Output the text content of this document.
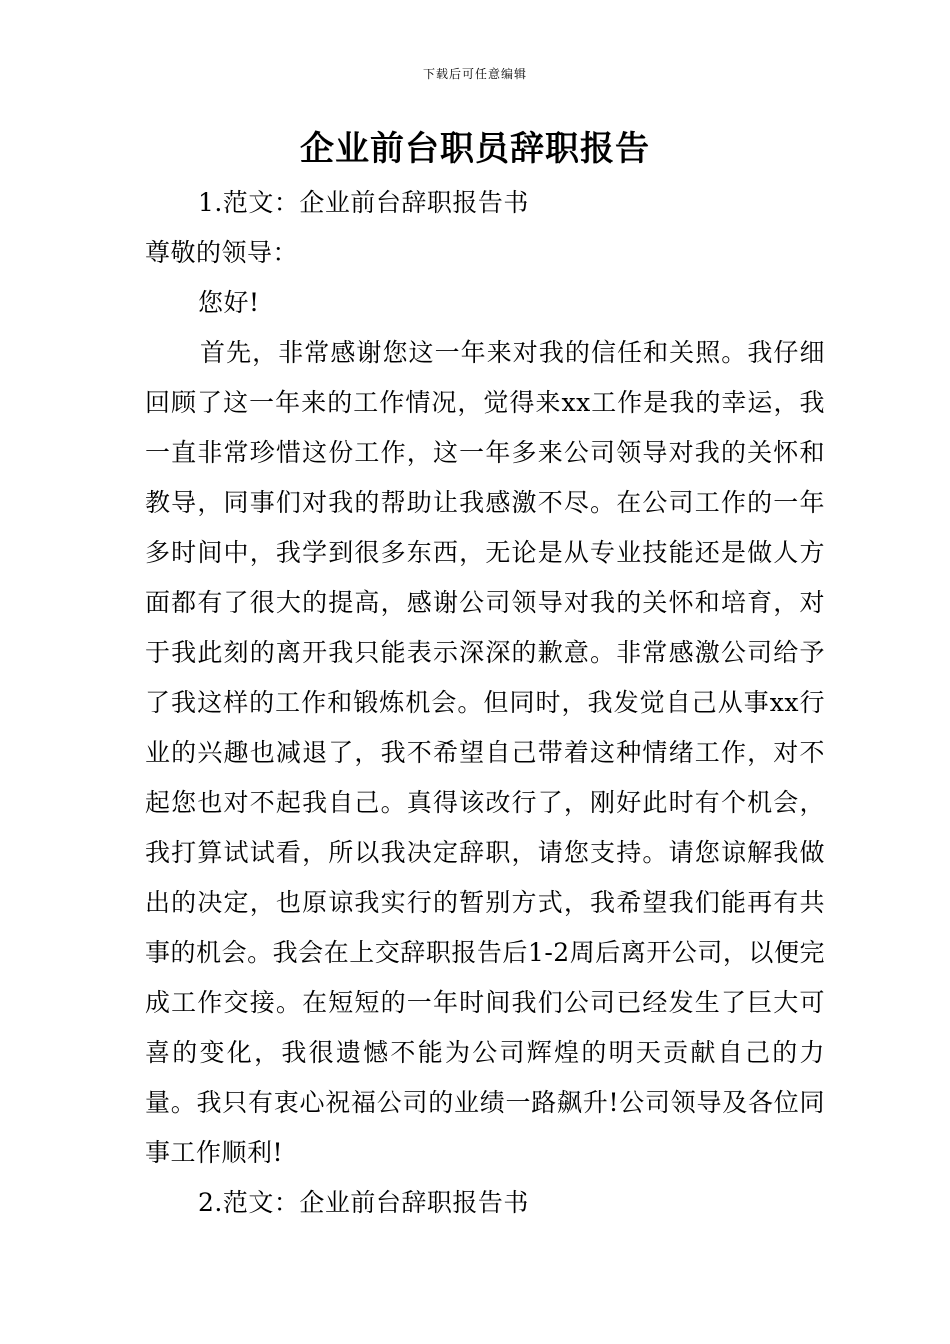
下载后可任意编辑
企业前台职员辞职报告

1.范文：企业前台辞职报告书

尊敬的领导：

您好!

首先，非常感谢您这一年来对我的信任和关照。我仔细回顾了这一年来的工作情况，觉得来xx工作是我的幸运，我一直非常珍惜这份工作，这一年多来公司领导对我的关怀和教导，同事们对我的帮助让我感激不尽。在公司工作的一年多时间中，我学到很多东西，无论是从专业技能还是做人方面都有了很大的提高，感谢公司领导对我的关怀和培育，对于我此刻的离开我只能表示深深的歉意。非常感激公司给予了我这样的工作和锻炼机会。但同时，我发觉自己从事xx行业的兴趣也减退了，我不希望自己带着这种情绪工作，对不起您也对不起我自己。真得该改行了，刚好此时有个机会，我打算试试看，所以我决定辞职，请您支持。请您谅解我做出的决定，也原谅我实行的暂别方式，我希望我们能再有共事的机会。我会在上交辞职报告后1-2周后离开公司，以便完成工作交接。在短短的一年时间我们公司已经发生了巨大可喜的变化，我很遗憾不能为公司辉煌的明天贡献自己的力量。我只有衷心祝福公司的业绩一路飙升!公司领导及各位同事工作顺利!

2.范文：企业前台辞职报告书
